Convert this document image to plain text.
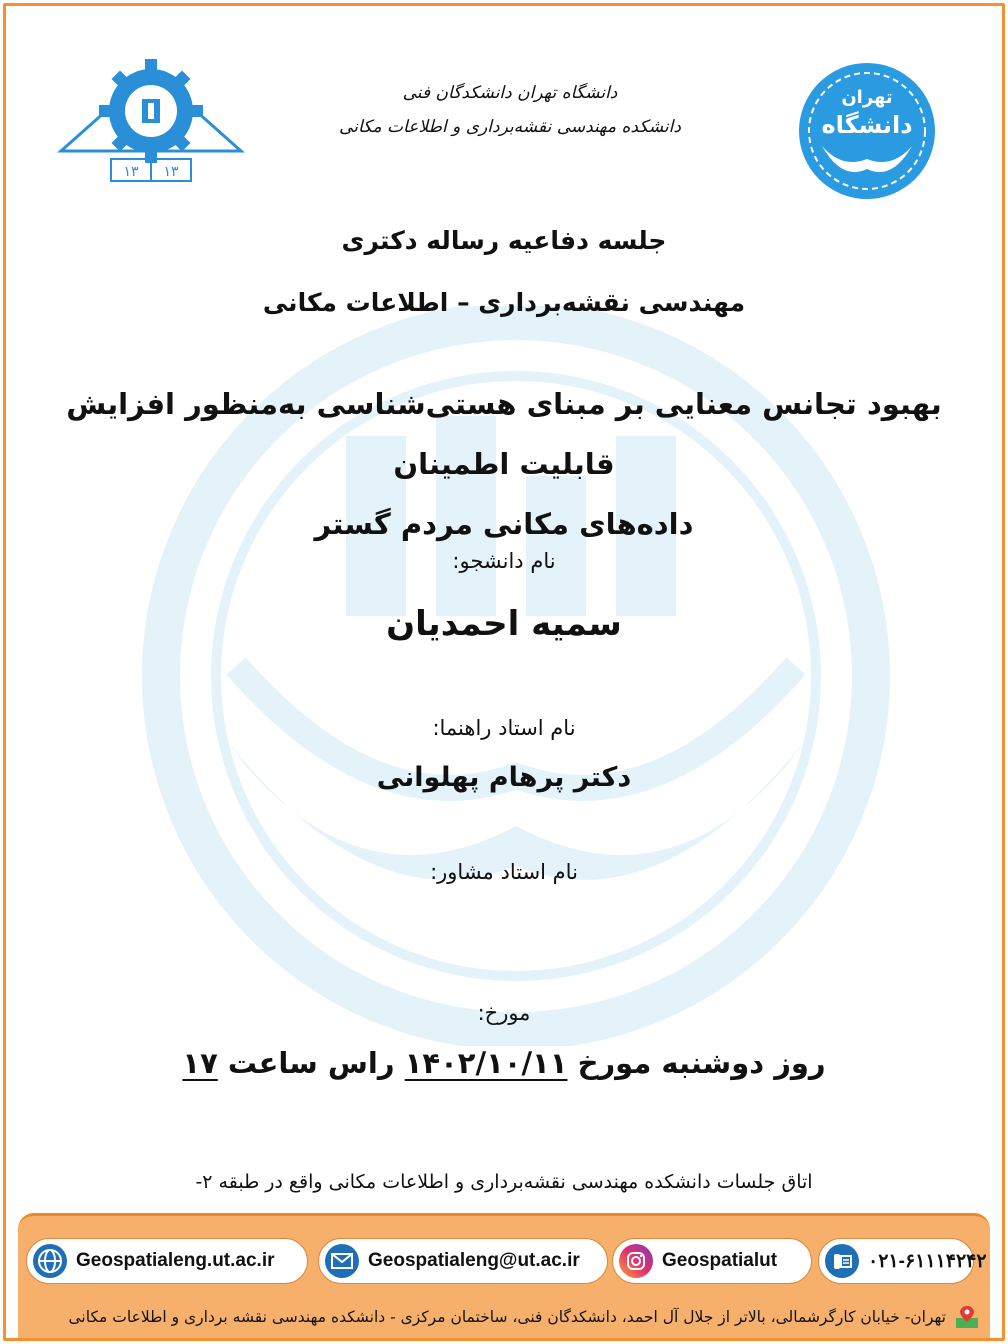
۱۳ ۱۳
دانشگاه تهران دانشکدگان فنی
دانشکده مهندسی نقشه‌برداری و اطلاعات مکانی
تهران
دانشگاه
جلسه دفاعیه رساله دکتری
مهندسی نقشه‌برداری – اطلاعات مکانی
بهبود تجانس معنایی بر مبنای هستی‌شناسی به‌منظور افزایش قابلیت اطمینان
داده‌های مکانی مردم گستر
نام دانشجو:
سمیه احمدیان
نام استاد راهنما:
دکتر پرهام پهلوانی
نام استاد مشاور:
مورخ:
روز دوشنبه مورخ ۱۴۰۲/۱۰/۱۱ راس ساعت ۱۷
اتاق جلسات دانشکده مهندسی نقشه‌برداری و اطلاعات مکانی واقع در طبقه ۲-
Geospatialeng.ut.ac.ir	Geospatialeng@ut.ac.ir	Geospatialut	۰۲۱-۶۱۱۱۴۲۴۲
تهران- خیابان کارگرشمالی، بالاتر از جلال آل احمد، دانشکدگان فنی، ساختمان مرکزی - دانشکده مهندسی نقشه برداری و اطلاعات مکانی
